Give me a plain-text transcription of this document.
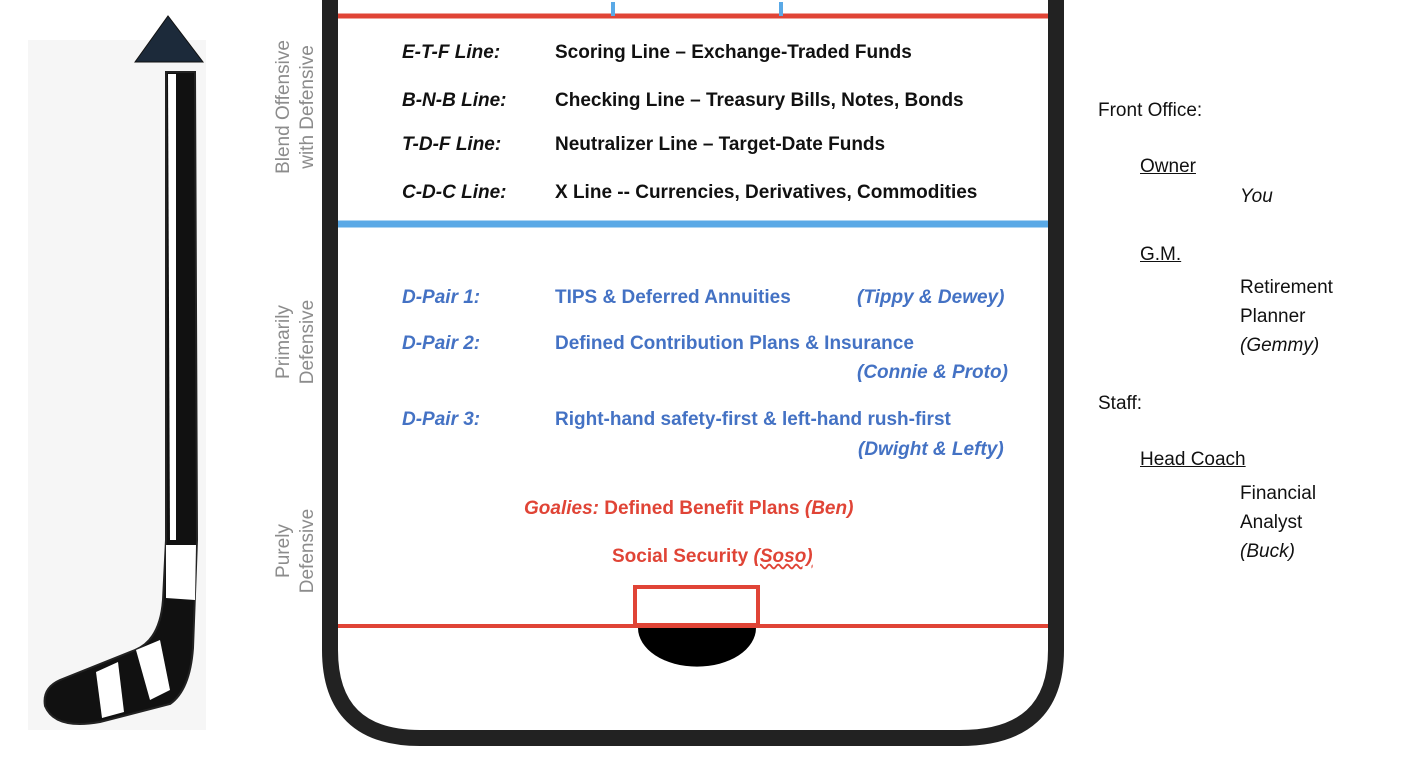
Blend Offensive with Defensive
Primarily Defensive
Purely Defensive
E-T-F Line:	Scoring Line – Exchange-Traded Funds
B-N-B Line:	Checking Line – Treasury Bills, Notes, Bonds
T-D-F Line:	Neutralizer Line – Target-Date Funds
C-D-C Line:	X Line -- Currencies, Derivatives, Commodities
D-Pair 1:	TIPS & Deferred Annuities	(Tippy & Dewey)
D-Pair 2:	Defined Contribution Plans & Insurance
(Connie & Proto)
D-Pair 3:	Right-hand safety-first & left-hand rush-first
(Dwight & Lefty)
Goalies: Defined Benefit Plans (Ben)
Social Security (Soso)
Front Office:
Owner
You
G.M.
Retirement
Planner
(Gemmy)
Staff:
Head Coach
Financial
Analyst
(Buck)
